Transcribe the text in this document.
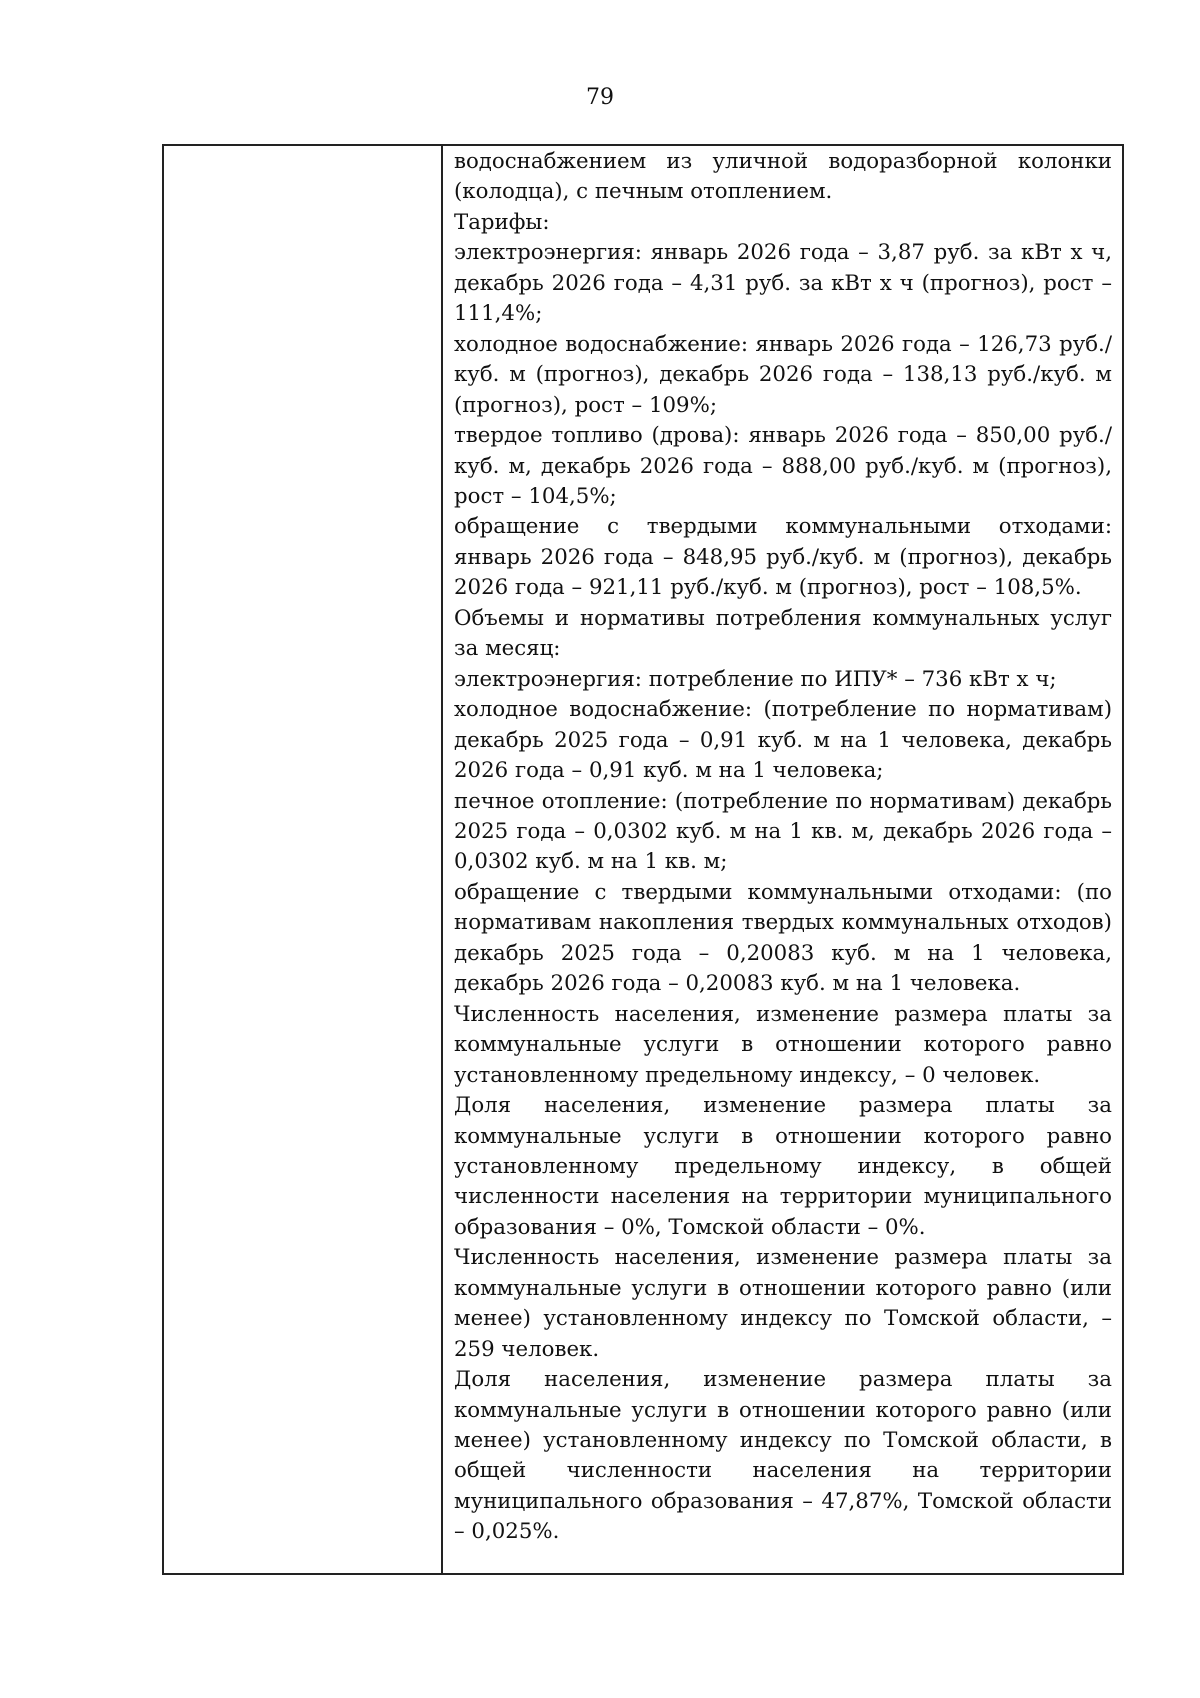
79

водоснабжением из уличной водоразборной колонки (колодца), с печным отоплением.

Тарифы:

электроэнергия: январь 2026 года – 3,87 руб. за кВт х ч, декабрь 2026 года – 4,31 руб. за кВт х ч (прогноз), рост – 111,4%;

холодное водоснабжение: январь 2026 года – 126,73 руб./куб. м (прогноз), декабрь 2026 года – 138,13 руб./куб. м (прогноз), рост – 109%;

твердое топливо (дрова): январь 2026 года – 850,00 руб./куб. м, декабрь 2026 года – 888,00 руб./куб. м (прогноз), рост – 104,5%;

обращение с твердыми коммунальными отходами: январь 2026 года – 848,95 руб./куб. м (прогноз), декабрь 2026 года – 921,11 руб./куб. м (прогноз), рост – 108,5%.

Объемы и нормативы потребления коммунальных услуг за месяц:

электроэнергия: потребление по ИПУ* – 736 кВт х ч;

холодное водоснабжение: (потребление по нормативам) декабрь 2025 года – 0,91 куб. м на 1 человека, декабрь 2026 года – 0,91 куб. м на 1 человека;

печное отопление: (потребление по нормативам) декабрь 2025 года – 0,0302 куб. м на 1 кв. м, декабрь 2026 года – 0,0302 куб. м на 1 кв. м;

обращение с твердыми коммунальными отходами: (по нормативам накопления твердых коммунальных отходов) декабрь 2025 года – 0,20083 куб. м на 1 человека, декабрь 2026 года – 0,20083 куб. м на 1 человека.

Численность населения, изменение размера платы за коммунальные услуги в отношении которого равно установленному предельному индексу, – 0 человек.

Доля населения, изменение размера платы за коммунальные услуги в отношении которого равно установленному предельному индексу, в общей численности населения на территории муниципального образования – 0%, Томской области – 0%.

Численность населения, изменение размера платы за коммунальные услуги в отношении которого равно (или менее) установленному индексу по Томской области, – 259 человек.

Доля населения, изменение размера платы за коммунальные услуги в отношении которого равно (или менее) установленному индексу по Томской области, в общей численности населения на территории муниципального образования – 47,87%, Томской области – 0,025%.
